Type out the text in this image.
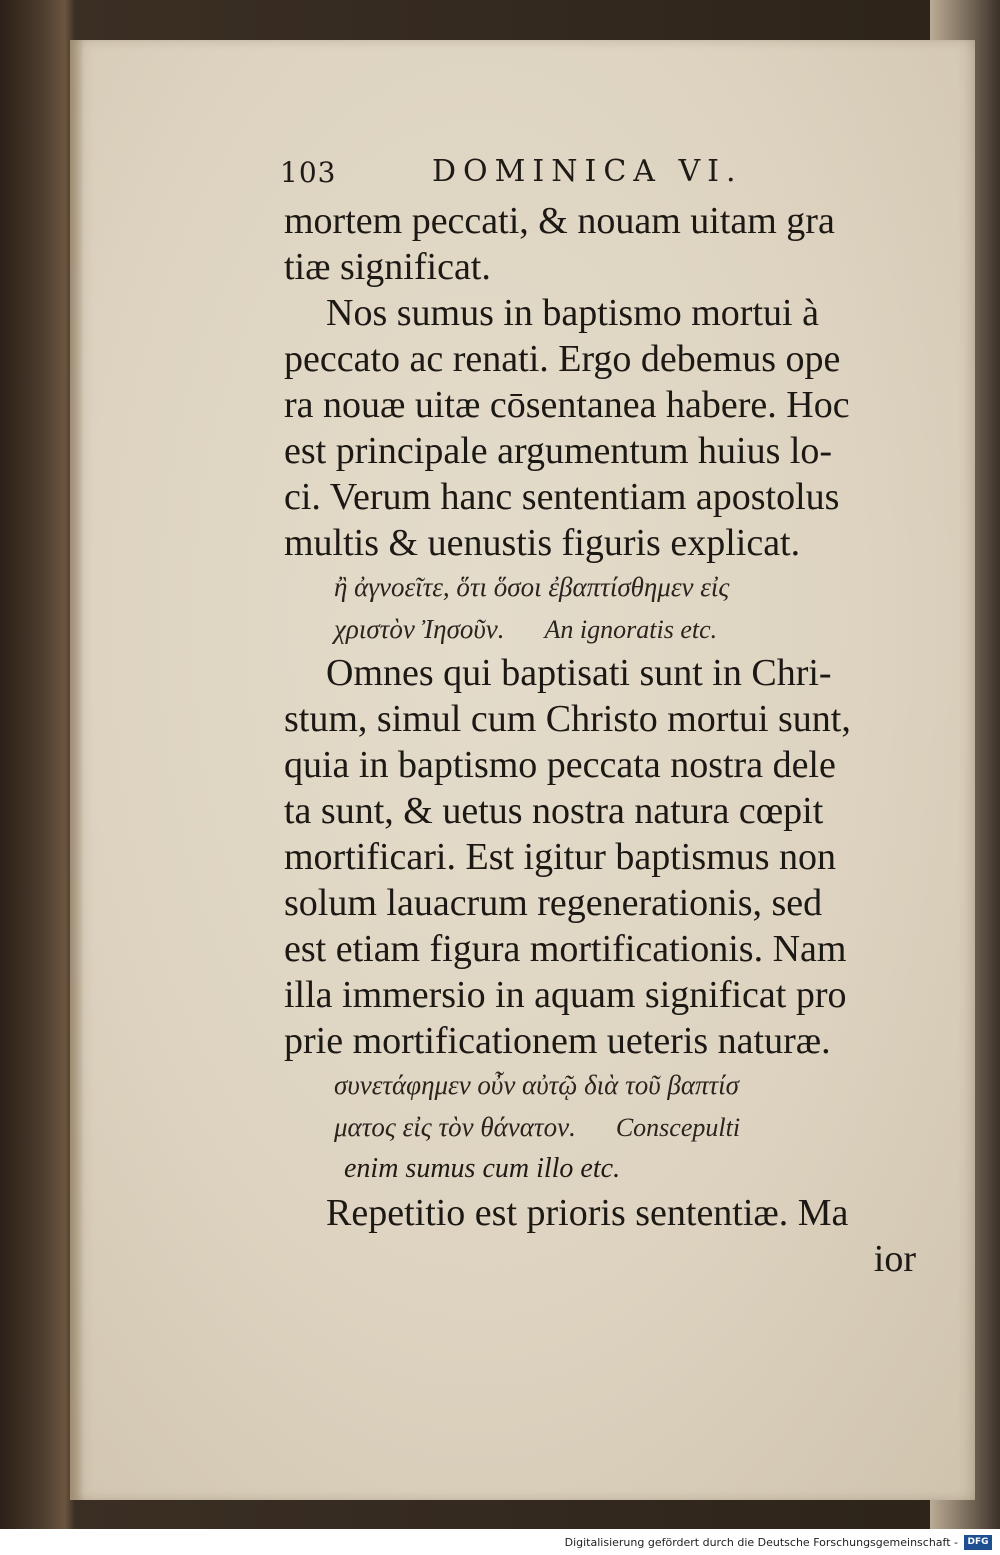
103	DOMINICA VI.
mortem peccati, & nouam uitam gra
tiæ significat.
Nos sumus in baptismo mortui à
peccato ac renati. Ergo debemus ope
ra nouæ uitæ cōsentanea habere. Hoc
est principale argumentum huius lo-
ci. Verum hanc sententiam apostolus
multis & uenustis figuris explicat.
ἢ ἀγνοεῖτε, ὅτι ὅσοι ἐβαπτίσθημεν εἰς
χριστὸν Ἰησοῦν. An ignoratis etc.
Omnes qui baptisati sunt in Chri-
stum, simul cum Christo mortui sunt,
quia in baptismo peccata nostra dele
ta sunt, & uetus nostra natura cœpit
mortificari. Est igitur baptismus non
solum lauacrum regenerationis, sed
est etiam figura mortificationis. Nam
illa immersio in aquam significat pro
prie mortificationem ueteris naturæ.
συνετάφημεν οὖν αὐτῷ διὰ τοῦ βαπτίσ
ματος εἰς τὸν θάνατον. Conscepulti
enim sumus cum illo etc.
Repetitio est prioris sententiæ. Ma
ior
Digitalisierung gefördert durch die Deutsche Forschungsgemeinschaft -	DFG
